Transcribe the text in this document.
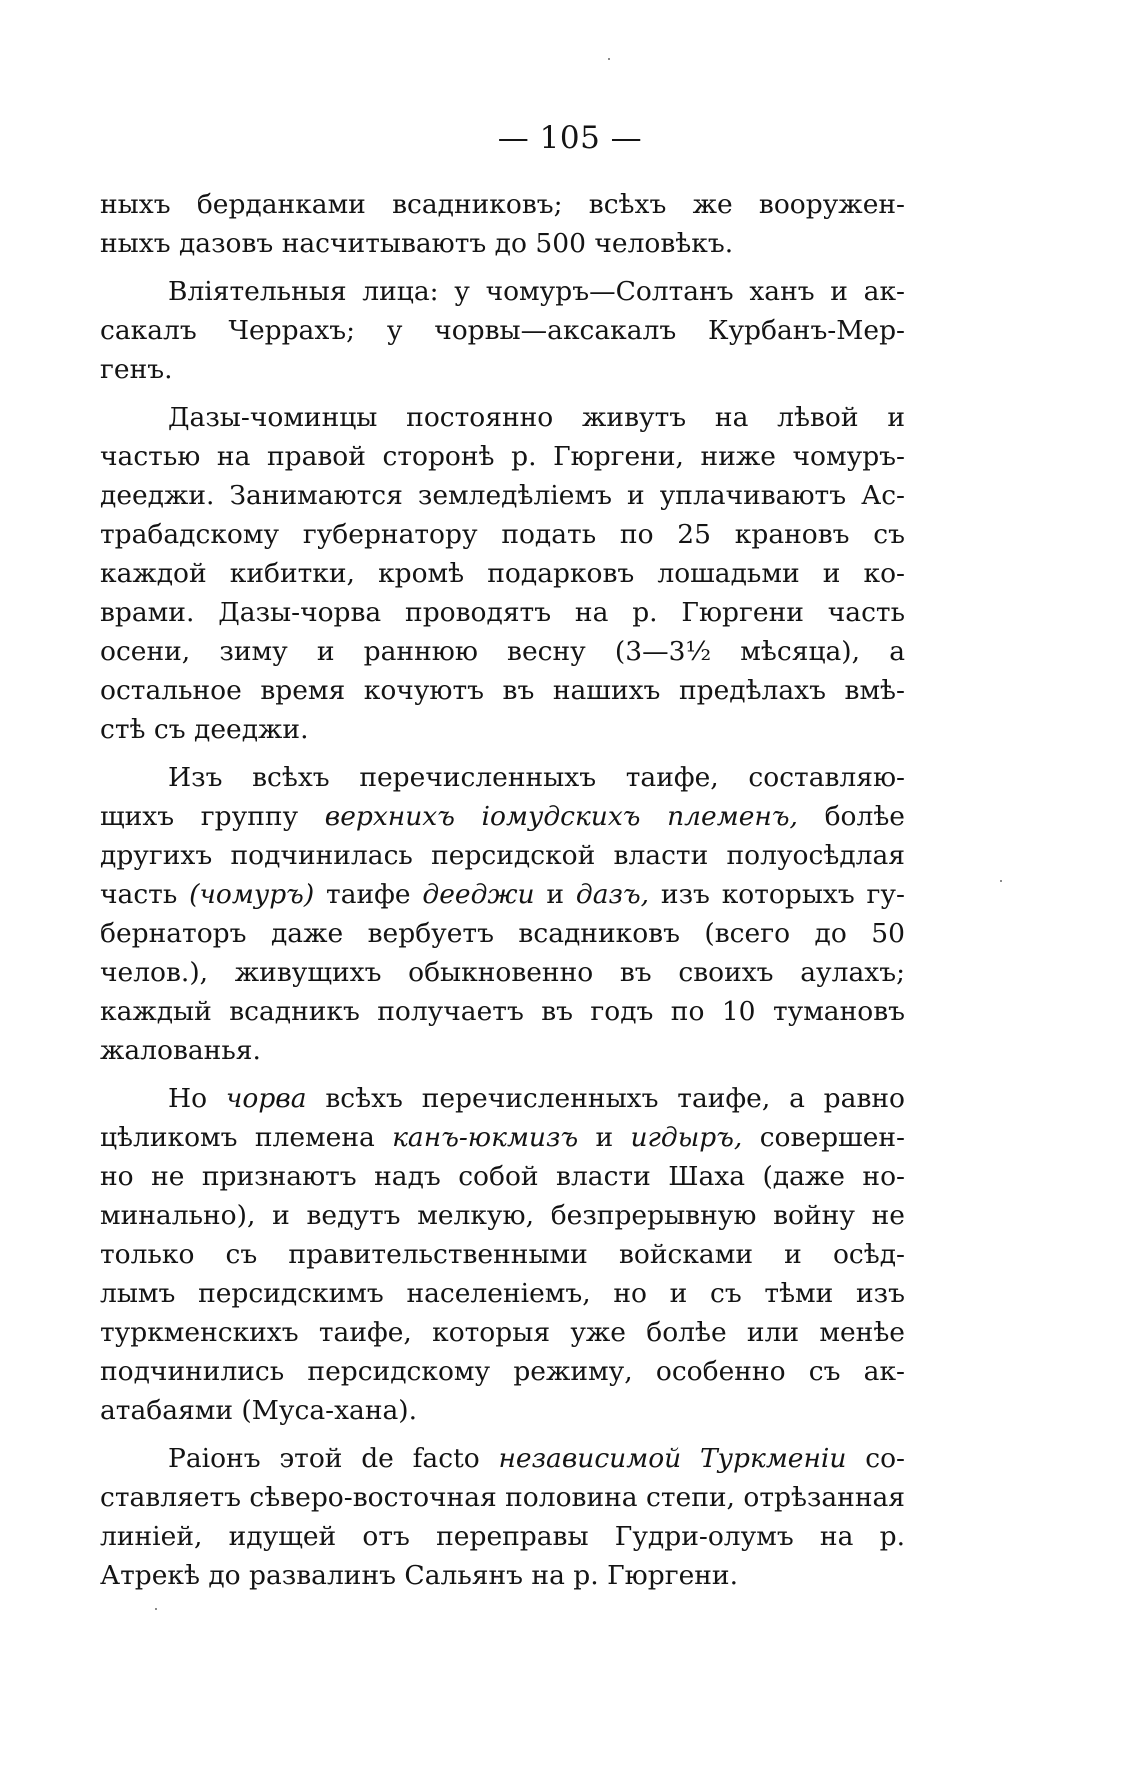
— 105 —
ныхъ берданками всадниковъ; всѣхъ же вооружен-
ныхъ дазовъ насчитываютъ до 500 человѣкъ.
Вліятельныя лица: у чомуръ—Солтанъ ханъ и ак-
сакалъ Черрахъ; у чорвы—аксакалъ Курбанъ-Мер-
генъ.
Дазы-чоминцы постоянно живутъ на лѣвой и
частью на правой сторонѣ р. Гюргени, ниже чомуръ-
деeджи. Занимаются земледѣліемъ и уплачиваютъ Ас-
трабадскому губернатору подать по 25 крановъ съ
каждой кибитки, кромѣ подарковъ лошадьми и ко-
врами. Дазы-чорва проводятъ на р. Гюргени часть
осени, зиму и раннюю весну (3—3½ мѣсяца), а
остальное время кочуютъ въ нашихъ предѣлахъ вмѣ-
стѣ съ деeджи.
Изъ всѣхъ перечисленныхъ таифе, составляю-
щихъ группу верхнихъ іомудскихъ племенъ, болѣе
другихъ подчинилась персидской власти полуосѣдлая
часть (чомуръ) таифе деeджи и дазъ, изъ которыхъ гу-
бернаторъ даже вербуетъ всадниковъ (всего до 50
челов.), живущихъ обыкновенно въ своихъ аулахъ;
каждый всадникъ получаетъ въ годъ по 10 тумановъ
жалованья.
Но чорва всѣхъ перечисленныхъ таифе, а равно
цѣликомъ племена канъ-юкмизъ и игдыръ, совершен-
но не признаютъ надъ собой власти Шаха (даже но-
минально), и ведутъ мелкую, безпрерывную войну не
только съ правительственными войсками и осѣд-
лымъ персидскимъ населеніемъ, но и съ тѣми изъ
туркменскихъ таифе, которыя уже болѣе или менѣе
подчинились персидскому режиму, особенно съ ак-
атабаями (Муса-хана).
Раіонъ этой de facto независимой Туркменіи со-
ставляетъ сѣверо-восточная половина степи, отрѣзанная
линіей, идущей отъ переправы Гудри-олумъ на р.
Атрекѣ до развалинъ Сальянъ на р. Гюргени.
